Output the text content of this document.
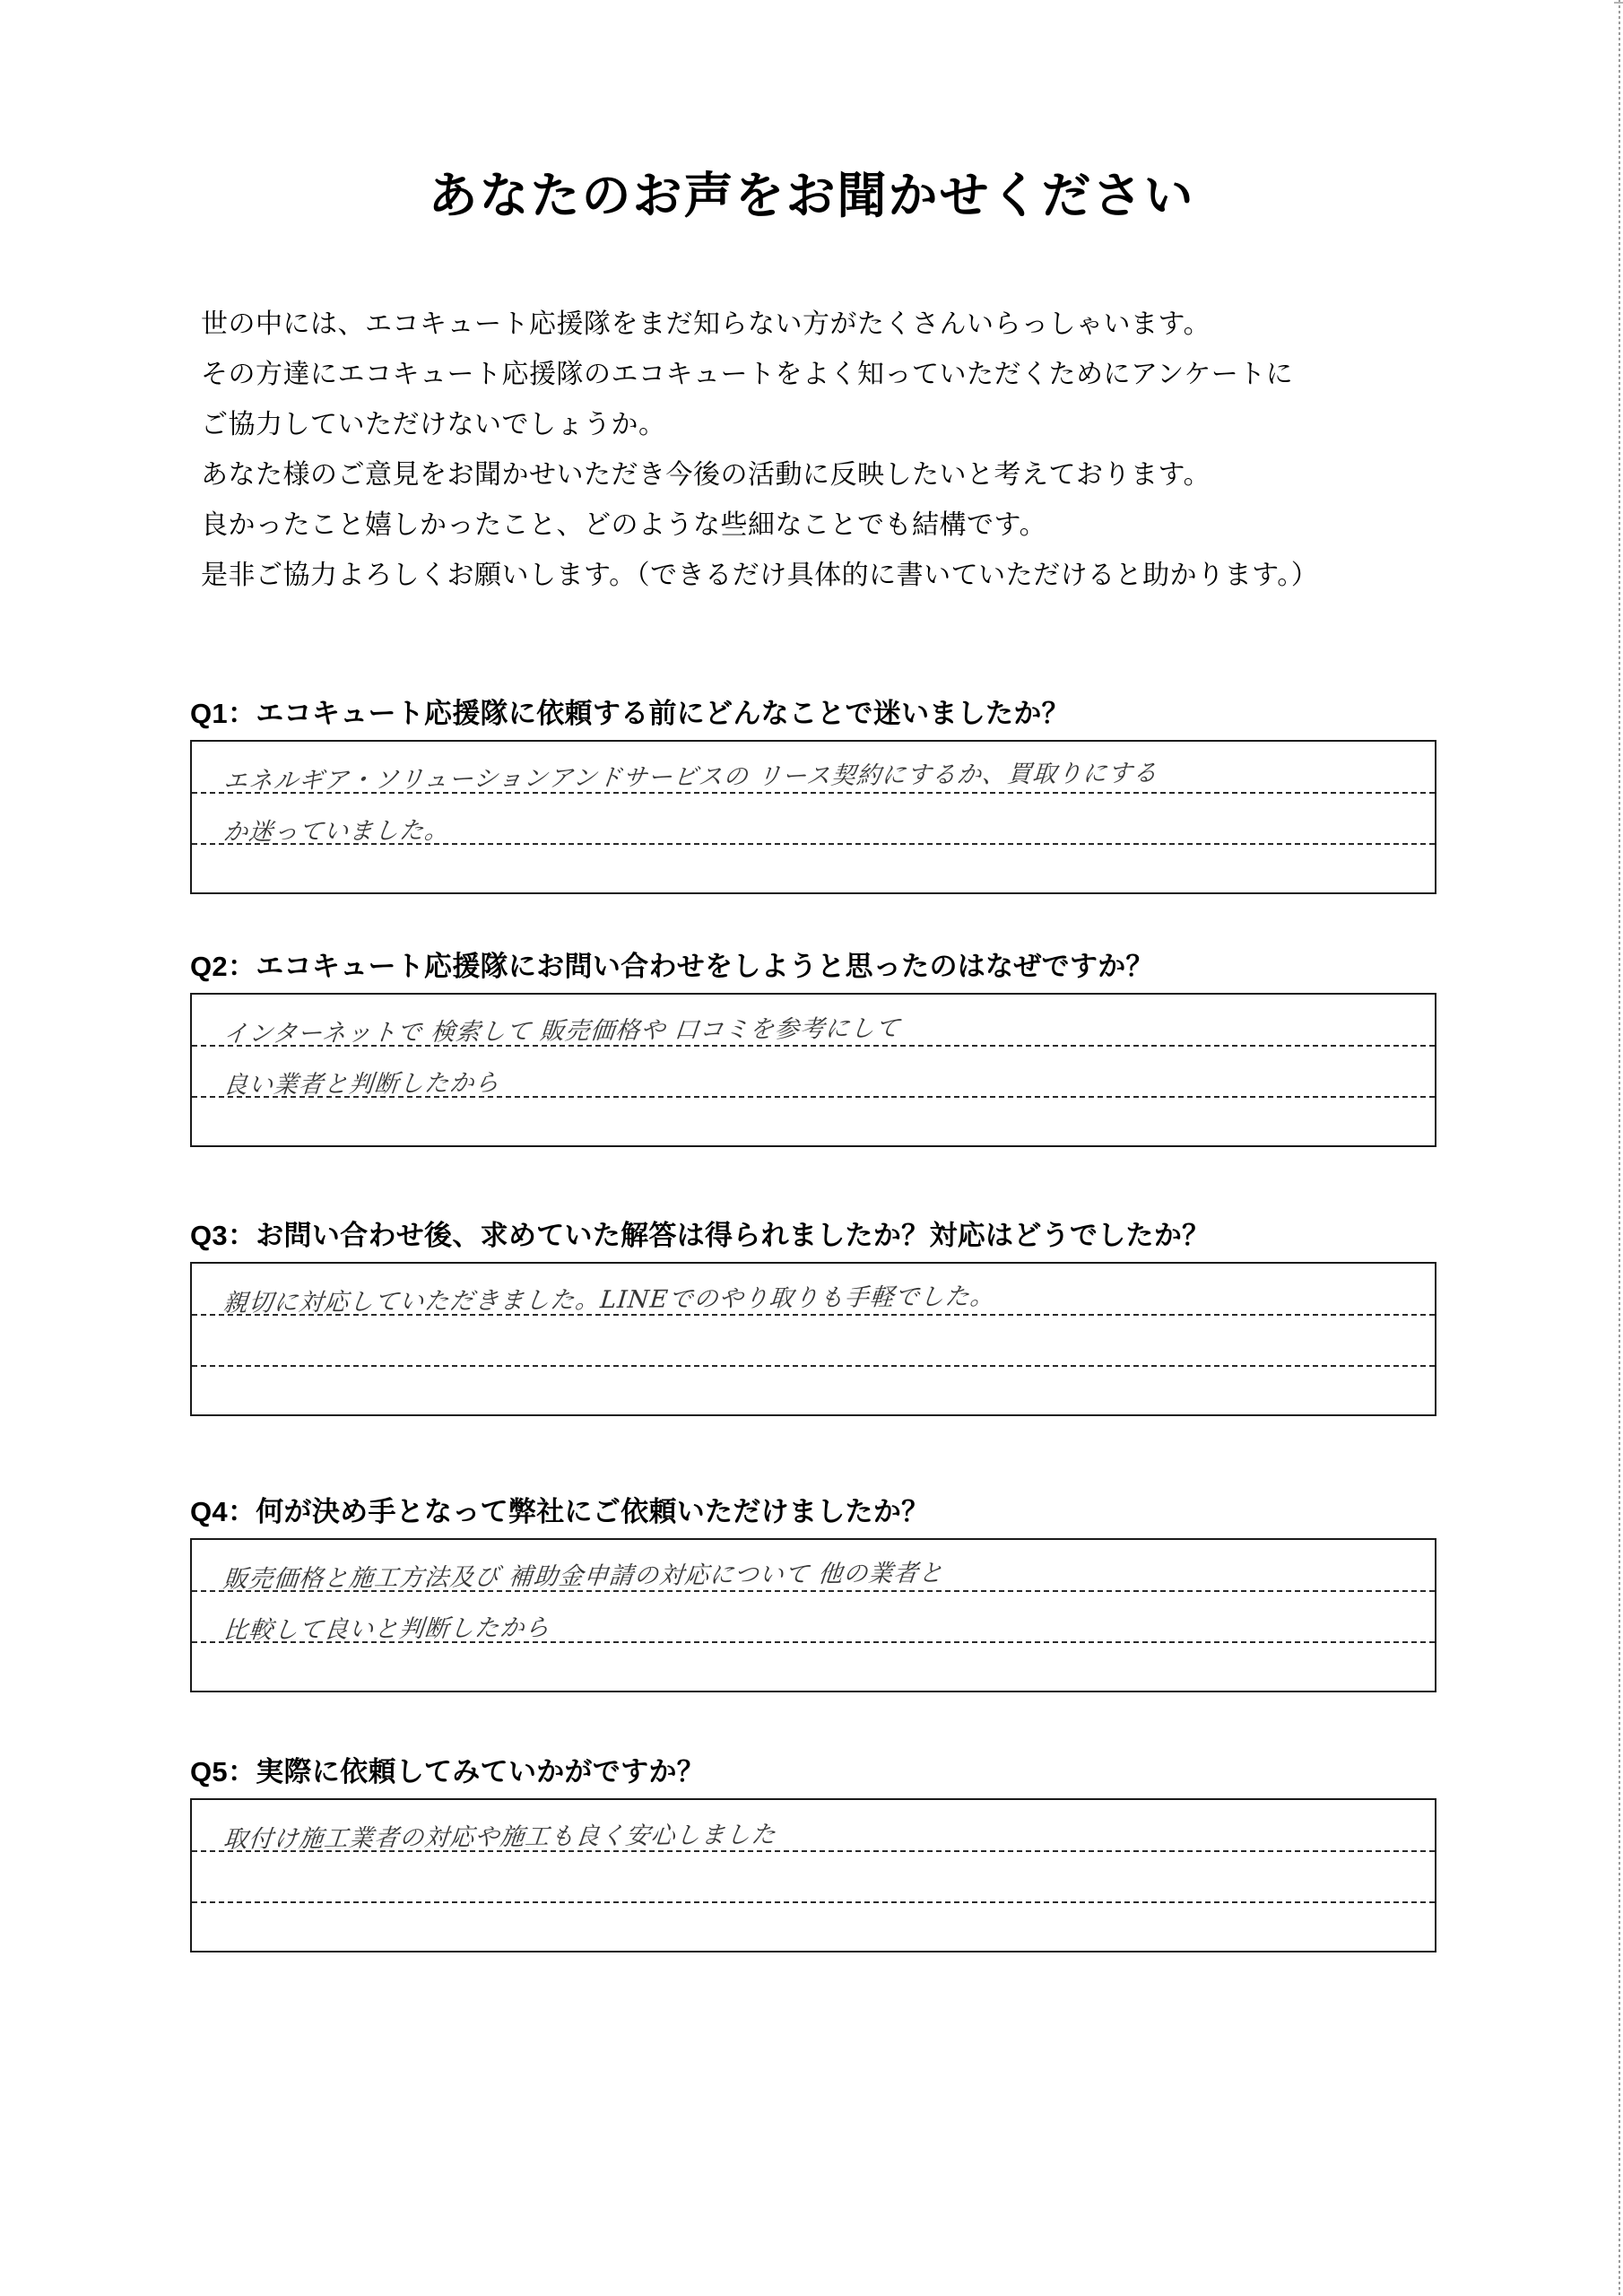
あなたのお声をお聞かせください
世の中には、エコキュート応援隊をまだ知らない方がたくさんいらっしゃいます。
その方達にエコキュート応援隊のエコキュートをよく知っていただくためにアンケートに
ご協力していただけないでしょうか。
あなた様のご意見をお聞かせいただき今後の活動に反映したいと考えております。
良かったこと嬉しかったこと、どのような些細なことでも結構です。
是非ご協力よろしくお願いします。（できるだけ具体的に書いていただけると助かります。）
Q1：エコキュート応援隊に依頼する前にどんなことで迷いましたか？
エネルギア・ソリューションアンドサービスの リース契約にするか、買取りにする
か迷っていました。
Q2：エコキュート応援隊にお問い合わせをしようと思ったのはなぜですか？
インターネットで 検索して 販売価格や 口コミを参考にして
良い業者と判断したから
Q3：お問い合わせ後、求めていた解答は得られましたか？対応はどうでしたか？
親切に対応していただきました。LINEでのやり取りも手軽でした。
Q4：何が決め手となって弊社にご依頼いただけましたか？
販売価格と施工方法及び 補助金申請の対応について 他の業者と
比較して良いと判断したから
Q5：実際に依頼してみていかがですか？
取付け施工業者の対応や施工も良く安心しました
